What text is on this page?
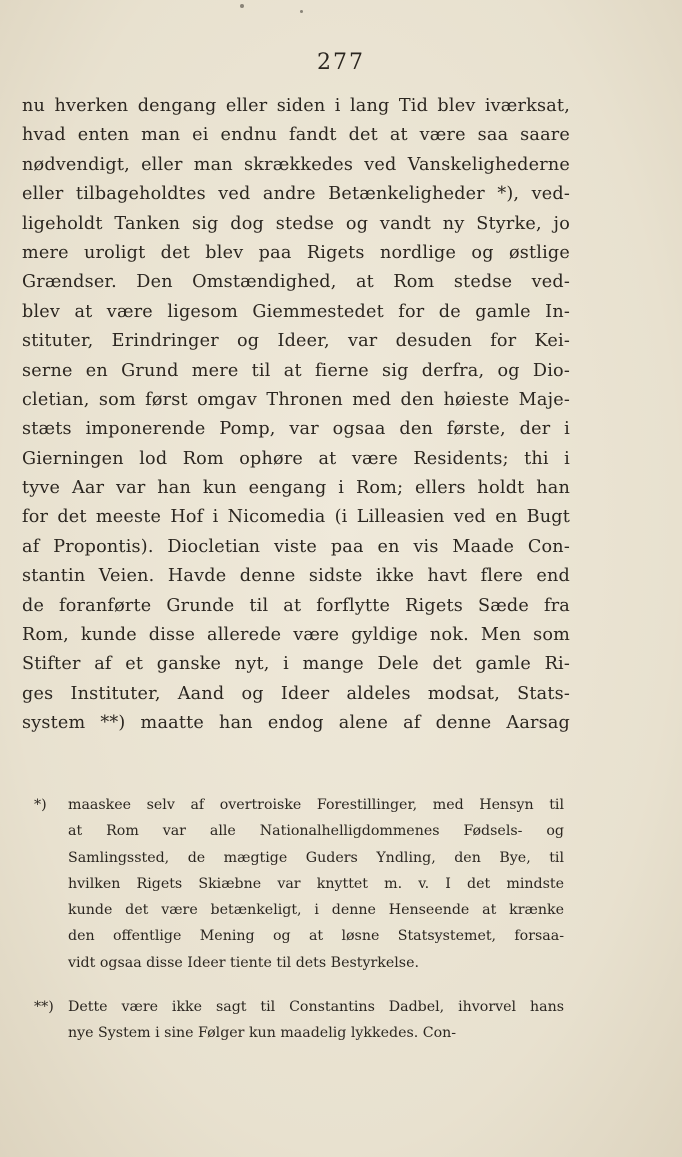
277
nu hverken dengang eller siden i lang Tid blev iværksat,
hvad enten man ei endnu fandt det at være saa saare
nødvendigt, eller man skrækkedes ved Vanskelighederne
eller tilbageholdtes ved andre Betænkeligheder *), ved-
ligeholdt Tanken sig dog stedse og vandt ny Styrke, jo
mere uroligt det blev paa Rigets nordlige og østlige
Grændser. Den Omstændighed, at Rom stedse ved-
blev at være ligesom Giemmestedet for de gamle In-
stituter, Erindringer og Ideer, var desuden for Kei-
serne en Grund mere til at fierne sig derfra, og Dio-
cletian, som først omgav Thronen med den høieste Maje-
stæts imponerende Pomp, var ogsaa den første, der i
Gierningen lod Rom ophøre at være Residents; thi i
tyve Aar var han kun eengang i Rom; ellers holdt han
for det meeste Hof i Nicomedia (i Lilleasien ved en Bugt
af Propontis). Diocletian viste paa en vis Maade Con-
stantin Veien. Havde denne sidste ikke havt flere end
de foranførte Grunde til at forflytte Rigets Sæde fra
Rom, kunde disse allerede være gyldige nok. Men som
Stifter af et ganske nyt, i mange Dele det gamle Ri-
ges Instituter, Aand og Ideer aldeles modsat, Stats-
system **) maatte han endog alene af denne Aarsag
*) maaskee selv af overtroiske Forestillinger, med Hensyn til
at Rom var alle Nationalhelligdommenes Fødsels- og
Samlingssted, de mægtige Guders Yndling, den Bye, til
hvilken Rigets Skiæbne var knyttet m. v. I det mindste
kunde det være betænkeligt, i denne Henseende at krænke
den offentlige Mening og at løsne Statsystemet, forsaa-
vidt ogsaa disse Ideer tiente til dets Bestyrkelse.
**) Dette være ikke sagt til Constantins Dadbel, ihvorvel hans
nye System i sine Følger kun maadelig lykkedes. Con-
